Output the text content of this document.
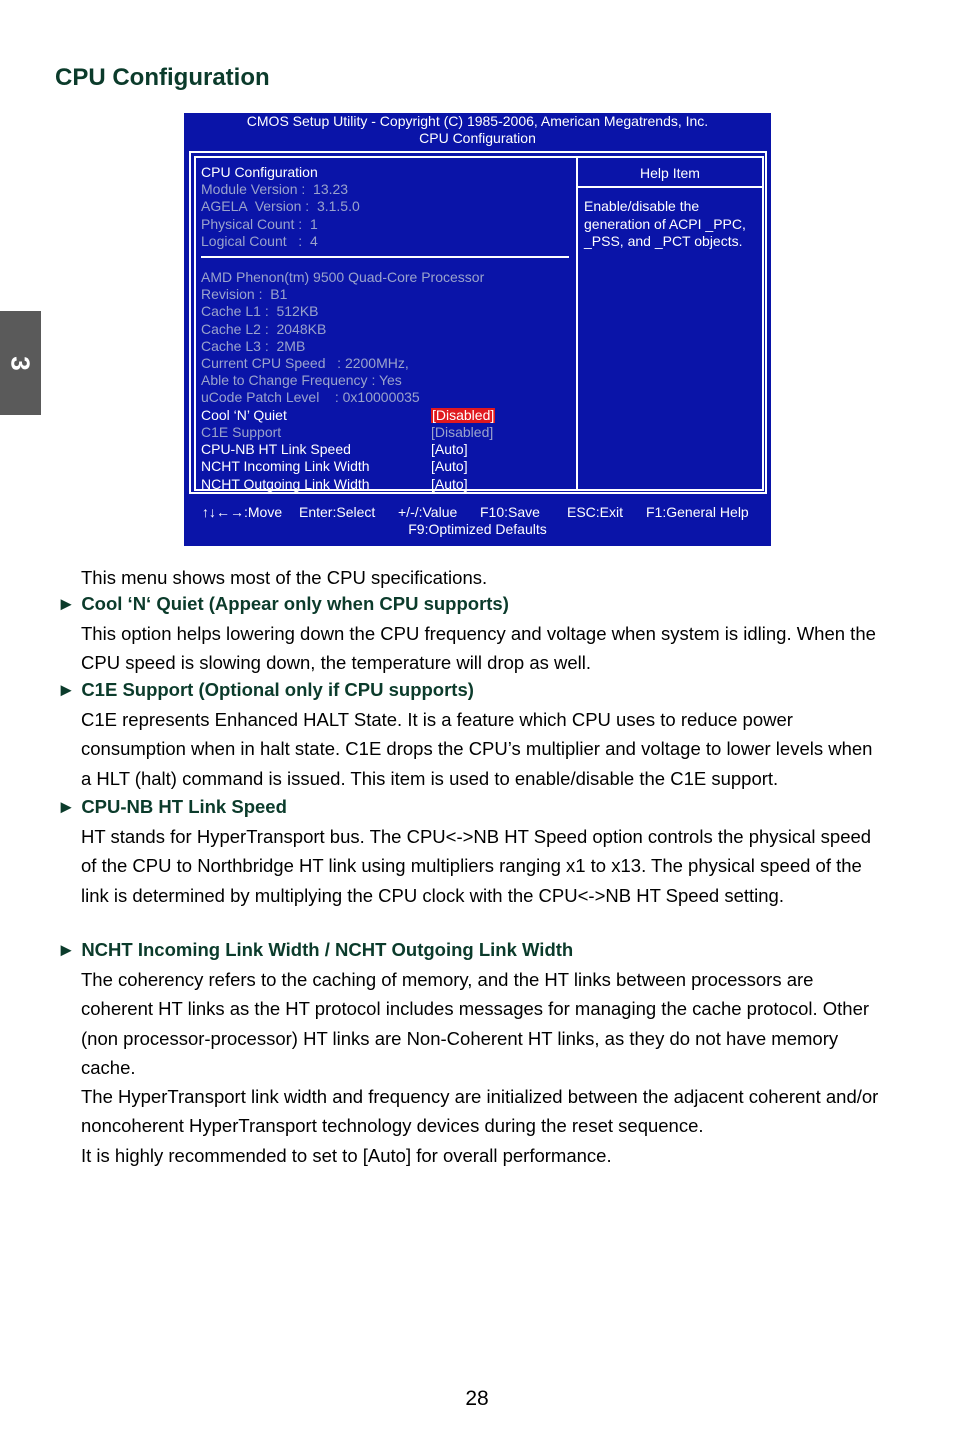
CPU Configuration
3
CMOS Setup Utility - Copyright (C) 1985-2006, American Megatrends, Inc.
CPU Configuration
CPU Configuration
Module Version :  13.23
AGELA  Version :  3.1.5.0
Physical Count :  1
Logical Count   :  4
AMD Phenon(tm) 9500 Quad-Core Processor
Revision :  B1
Cache L1 :  512KB
Cache L2 :  2048KB
Cache L3 :  2MB
Current CPU Speed   : 2200MHz,
Able to Change Frequency : Yes
uCode Patch Level    : 0x10000035
Cool ‘N’ Quiet	[Disabled]
C1E Support	[Disabled]
CPU-NB HT Link Speed	[Auto]
NCHT Incoming Link Width	[Auto]
NCHT Outgoing Link Width	[Auto]
Help Item
Enable/disable the generation of ACPI _PPC, _PSS, and _PCT objects.

↑↓←→:Move

Enter:Select

+/-/:Value

F10:Save

ESC:Exit

F1:General Help

F9:Optimized Defaults
This menu shows most of the CPU specifications.
► Cool ‘N‘ Quiet (Appear only when CPU supports)
This option helps lowering down the CPU frequency and voltage when system is idling. When the CPU speed is slowing down, the temperature will drop as well.
► C1E Support (Optional only if CPU supports)
C1E represents Enhanced HALT State. It is a feature which CPU uses to reduce power consumption when in halt state. C1E drops the CPU’s multiplier and voltage to lower levels when a HLT (halt) command is issued. This item is used to enable/disable the C1E support.
► CPU-NB HT Link Speed
HT stands for HyperTransport bus. The CPU<->NB HT Speed option controls the physical speed of the CPU to Northbridge HT link using multipliers ranging x1 to x13. The physical speed of the link is determined by multiplying the CPU clock with the CPU<->NB HT Speed setting.
► NCHT Incoming Link Width / NCHT Outgoing Link Width
The coherency refers to the caching of memory, and the HT links between processors are coherent HT links as the HT protocol includes messages for managing the cache protocol. Other (non processor-processor) HT links are Non-Coherent HT links, as they do not have memory cache.
The HyperTransport link width and frequency are initialized between the adjacent coherent and/or noncoherent HyperTransport technology devices during the reset sequence.
It is highly recommended to set to [Auto] for overall performance.
28
